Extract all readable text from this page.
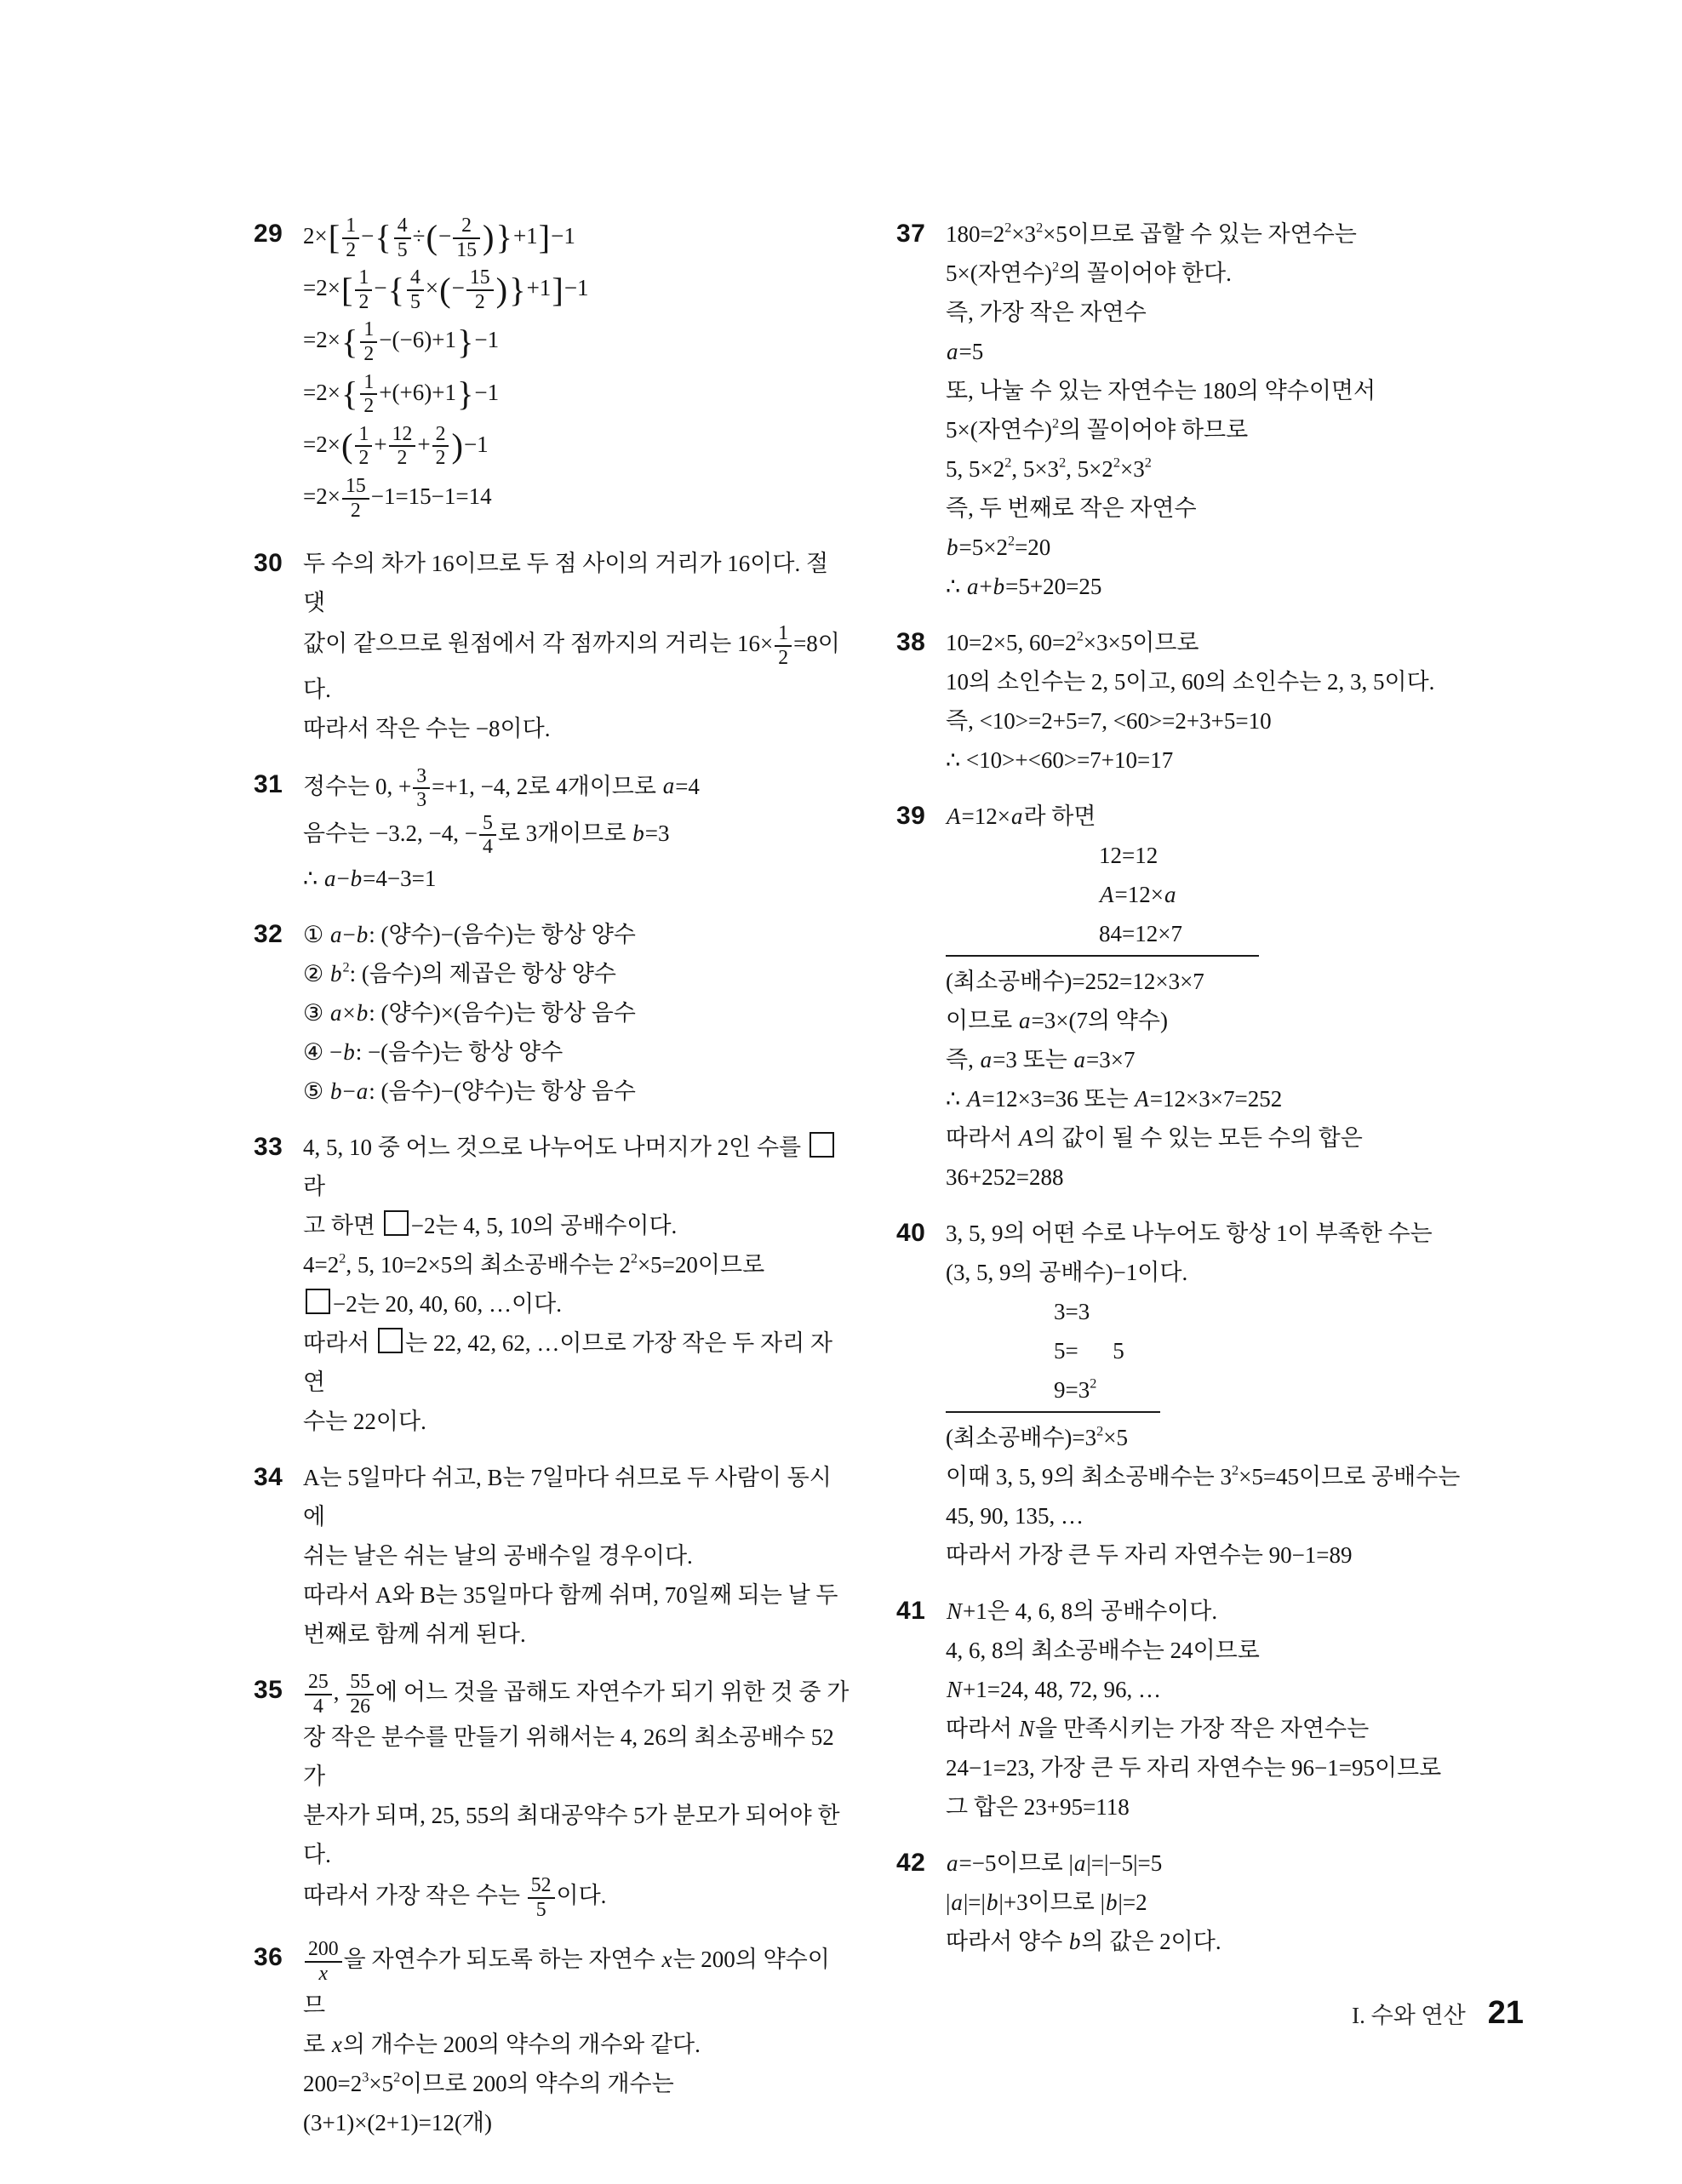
29 $2\times[ \frac{1}{2}$ −{ $\frac{4}{5}$ ÷(− $\frac{2}{15} )\}+1]-1$
$=2\times[ \frac{1}{2}$ −{ $\frac{4}{5}$ ×(− $\frac{15}{2} )\}+1]-1$
$=2\times\{ \frac{1}{2} -(-6)+1\}-1$
$=2\times\{ \frac{1}{2} +(+6)+1\}-1$
$=2\times( \frac{1}{2} + \frac{12}{2} + \frac{2}{2} )-1$
$=2\times \frac{15}{2} -1=15-1=14$
30 두 수의 차가 16이므로 두 점 사이의 거리가 16이다. 절댓
값이 같으므로 원점에서 각 점까지의 거리는 $16\times \frac{1}{2} =8$이다.
따라서 작은 수는 −8이다.
31 정수는 0, + $\frac{3}{3} =+1$, −4, 2로 4개이므로 a=4
음수는 −3.2, −4, − $\frac{5}{4}$ 로 3개이므로 b=3
∴ a−b=4−3=1
32 ① a−b: (양수)−(음수)는 항상 양수
② $b^2$: (음수)의 제곱은 항상 양수
③ a×b: (양수)×(음수)는 항상 음수
④ −b: −(음수)는 항상 양수
⑤ b−a: (음수)−(양수)는 항상 음수
33 4, 5, 10 중 어느 것으로 나누어도 나머지가 2인 수를 라
고 하면 −2는 4, 5, 10의 공배수이다.
$4=2^2$, 5, 10=2×5의 최소공배수는 $2^2\times 5=20$이므로
−2는 20, 40, 60, …이다.
따라서 는 22, 42, 62, …이므로 가장 작은 두 자리 자연
수는 22이다.
34 A는 5일마다 쉬고, B는 7일마다 쉬므로 두 사람이 동시에
쉬는 날은 쉬는 날의 공배수일 경우이다.
따라서 A와 B는 35일마다 함께 쉬며, 70일째 되는 날 두
번째로 함께 쉬게 된다.
$35 \frac{25}{4}$ , $\frac{55}{26}$ 에 어느 것을 곱해도 자연수가 되기 위한 것 중 가
장 작은 분수를 만들기 위해서는 4, 26의 최소공배수 52가
분자가 되며, 25, 55의 최대공약수 5가 분모가 되어야 한다.
따라서 가장 작은 수는 $\frac{52}{5}$ 이다.
$36 \frac{200}{x}$ 을 자연수가 되도록 하는 자연수 x는 200의 약수이므
로 x의 개수는 200의 약수의 개수와 같다.
$200=2^3\times 5^2$이므로 200의 약수의 개수는
(3+1)×(2+1)=12(개)
37 $180=2^2\times 3^2\times 5$이므로 곱할 수 있는 자연수는
5×(자연수)$^2$의 꼴이어야 한다.
즉, 가장 작은 자연수
a=5
또, 나눌 수 있는 자연수는 180의 약수이면서
5×(자연수)$^2$의 꼴이어야 하므로
5, $5\times 2^2$, $5\times 3^2$, $5\times 2^2\times 3^2$
즉, 두 번째로 작은 자연수
$b=5\times 2^2=20$
∴ a+b=5+20=25
38 10=2×5, $60=2^2\times 3\times 5$이므로
10의 소인수는 2, 5이고, 60의 소인수는 2, 3, 5이다.
즉, <10>=2+5=7, <60>=2+3+5=10
∴ <10>+<60>=7+10=17
39 A=12×a라 하면
12=12
A=12×a
84=12×7
(최소공배수)=252=12×3×7
이므로 a=3×(7의 약수)
즉, a=3 또는 a=3×7
∴ A=12×3=36 또는 A=12×3×7=252
따라서 A의 값이 될 수 있는 모든 수의 합은
36+252=288
40 3, 5, 9의 어떤 수로 나누어도 항상 1이 부족한 수는
(3, 5, 9의 공배수)−1이다.
3=3
5=  5
$9=3^2$
(최소공배수)$=3^2\times 5$
이때 3, 5, 9의 최소공배수는 $3^2\times 5=45$이므로 공배수는
45, 90, 135, …
따라서 가장 큰 두 자리 자연수는 90−1=89
41 N+1은 4, 6, 8의 공배수이다.
4, 6, 8의 최소공배수는 24이므로
N+1=24, 48, 72, 96, …
따라서 N을 만족시키는 가장 작은 자연수는
24−1=23, 가장 큰 두 자리 자연수는 96−1=95이므로
그 합은 23+95=118
42 a=−5이므로 |a|=|−5|=5
|a|=|b|+3이므로 |b|=2
따라서 양수 b의 값은 2이다.
I. 수와 연산 21
